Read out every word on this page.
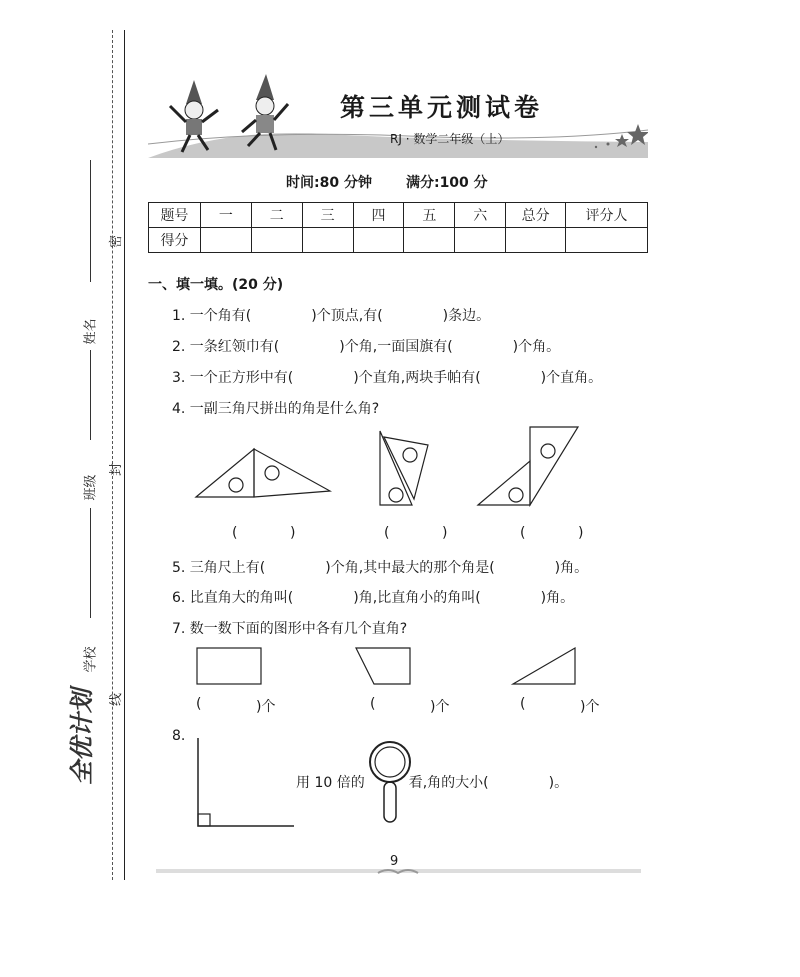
姓名
班级
学校
密
封
线
全优计划
第三单元测试卷
RJ · 数学二年级（上）
时间:80 分钟 满分:100 分
题号	一	二	三	四	五	六	总分	评分人
得分								
一、填一填。(20 分)
1. 一个角有(	)个顶点,有(	)条边。
2. 一条红领巾有(	)个角,一面国旗有(	)个角。
3. 一个正方形中有(	)个直角,两块手帕有(	)个直角。
4. 一副三角尺拼出的角是什么角?
(	)	(	)	(	)
5. 三角尺上有(	)个角,其中最大的那个角是(	)角。
6. 比直角大的角叫(	)角,比直角小的角叫(	)角。
7. 数一数下面的图形中各有几个直角?
(	)个	(	)个	(	)个
8.
用 10 倍的	看,角的大小(	)。
9
